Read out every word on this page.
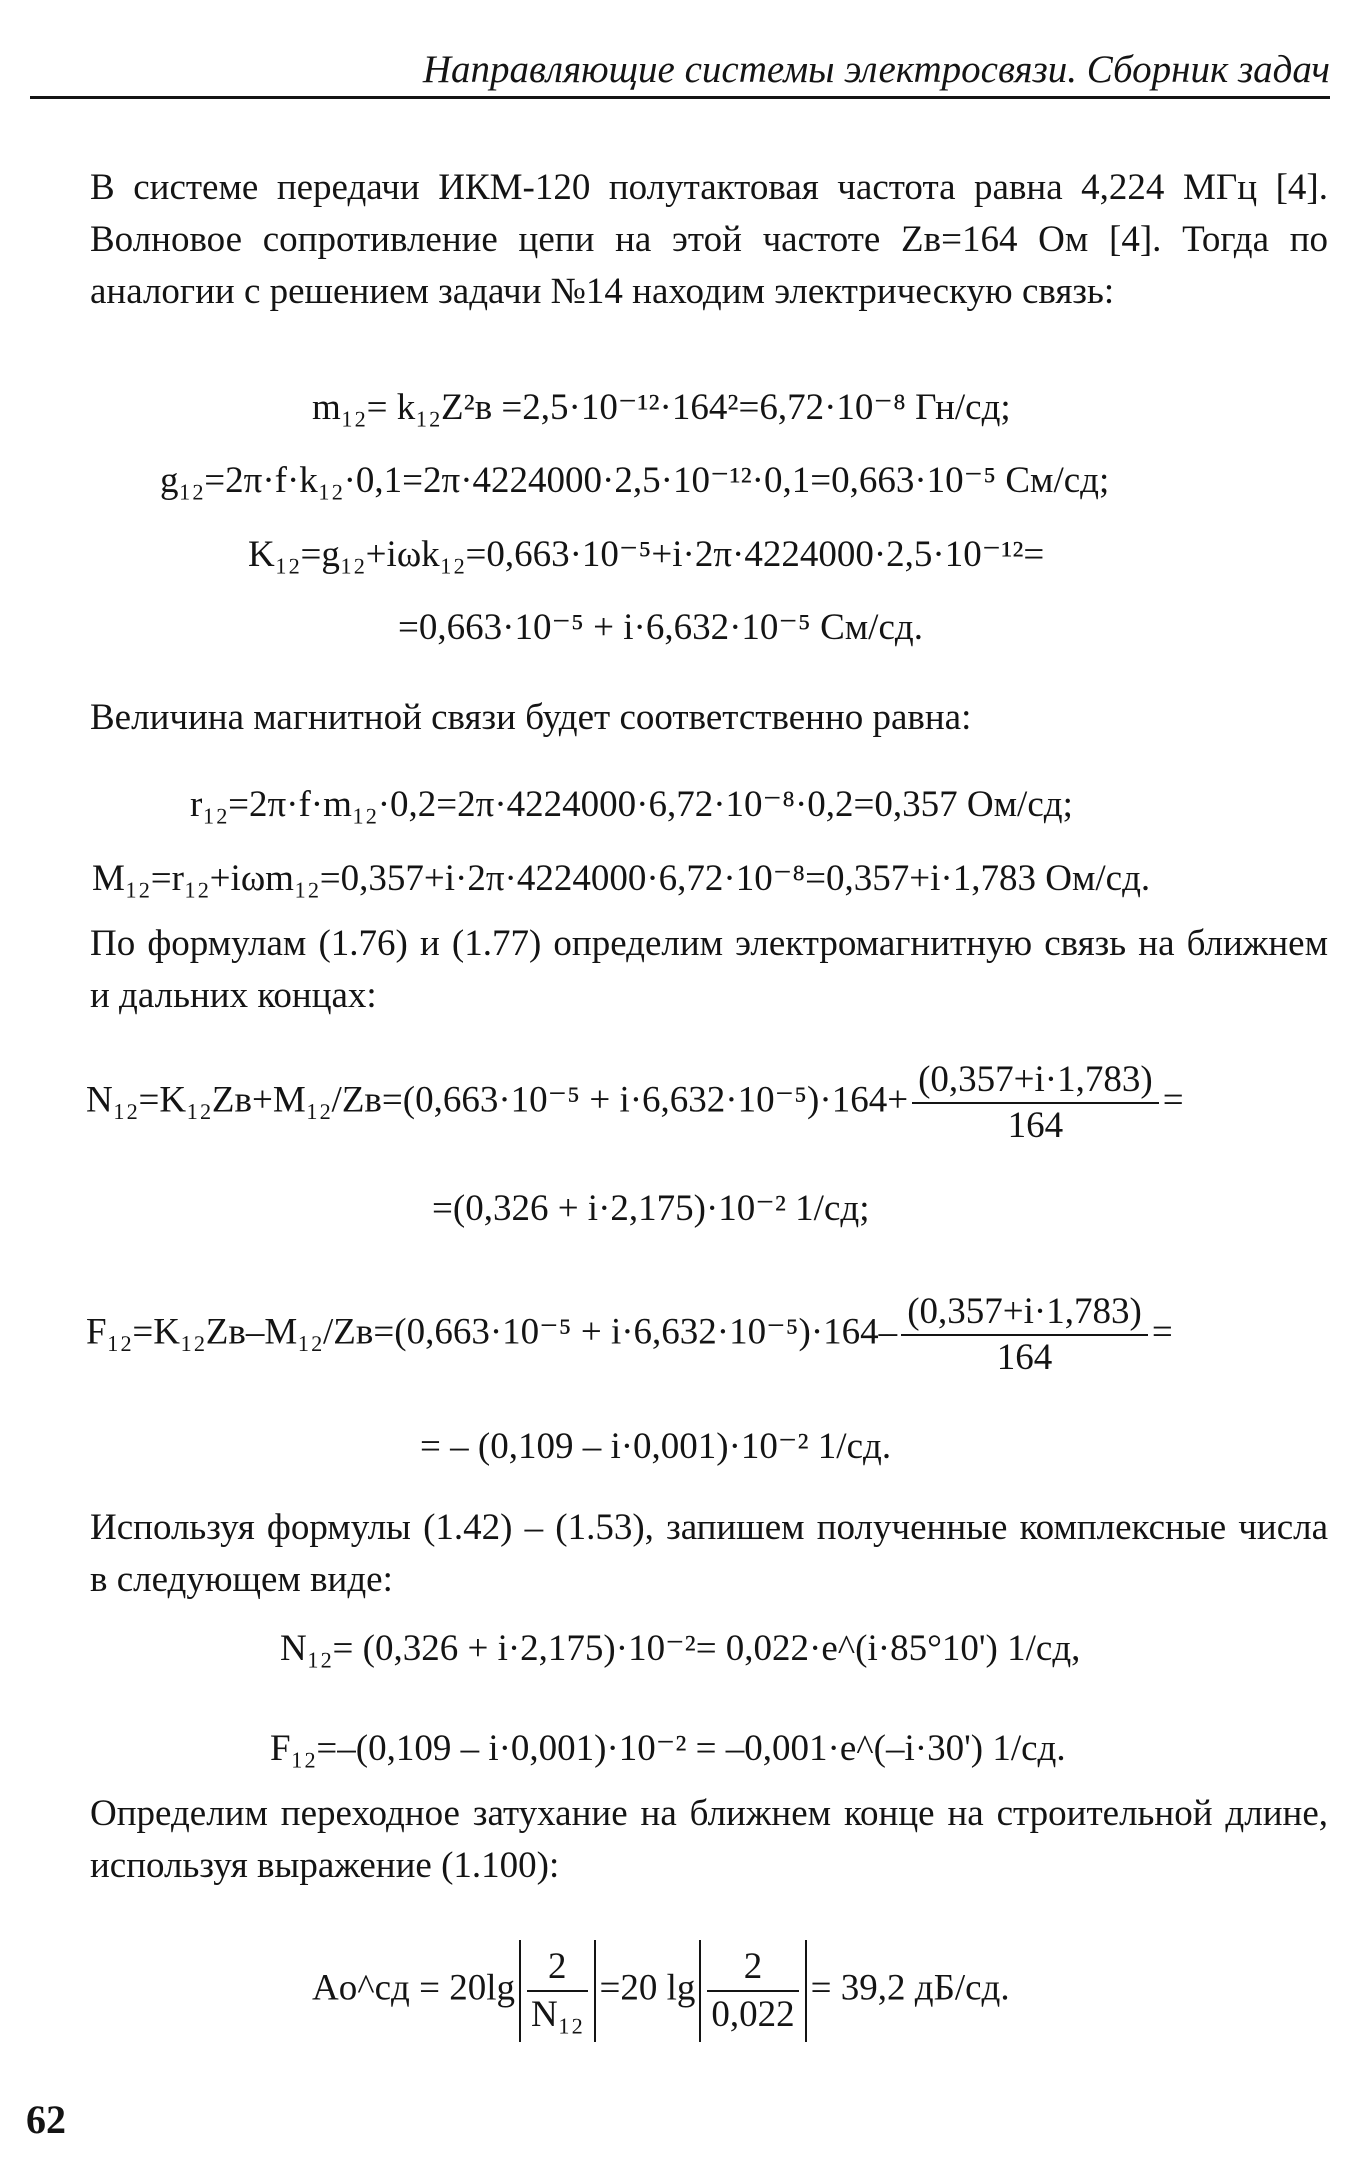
Направляющие системы электросвязи. Сборник задач

В системе передачи ИКМ-120 полутактовая частота равна 4,224 МГц [4]. Волновое сопротивление цепи на этой частоте Zв=164 Ом [4]. Тогда по аналогии с решением задачи №14 находим электрическую связь:

m₁₂= k₁₂Z²в =2,5·10⁻¹²·164²=6,72·10⁻⁸ Гн/сд;
g₁₂=2π·f·k₁₂·0,1=2π·4224000·2,5·10⁻¹²·0,1=0,663·10⁻⁵ См/сд;
K₁₂=g₁₂+iωk₁₂=0,663·10⁻⁵+i·2π·4224000·2,5·10⁻¹²=
=0,663·10⁻⁵ + i·6,632·10⁻⁵ См/сд.

Величина магнитной связи будет соответственно равна:

r₁₂=2π·f·m₁₂·0,2=2π·4224000·6,72·10⁻⁸·0,2=0,357 Ом/сд;
M₁₂=r₁₂+iωm₁₂=0,357+i·2π·4224000·6,72·10⁻⁸=0,357+i·1,783 Ом/сд.

По формулам (1.76) и (1.77) определим электромагнитную связь на ближнем и дальних концах:

$N_{12}=K_{12}Zв+M_{12}/Zв=(0,663\cdot 10^{-5} + i\cdot 6,632\cdot 10^{-5})\cdot 164+ \frac{(0,357+i\cdot 1,783)}{164}$ =
=(0,326 + i·2,175)·10⁻² 1/сд;
$F_{12}=K_{12}Zв-M_{12}/Zв=(0,663\cdot 10^{-5} + i\cdot 6,632\cdot 10^{-5})\cdot 164- \frac{(0,357+i\cdot 1,783)}{164}$ =
= – (0,109 – i·0,001)·10⁻² 1/сд.

Используя формулы (1.42) – (1.53), запишем полученные комплексные числа в следующем виде:

N₁₂= (0,326 + i·2,175)·10⁻²= 0,022·e^(i·85°10') 1/сд,
F₁₂=–(0,109 – i·0,001)·10⁻² = –0,001·e^(–i·30') 1/сд.

Определим переходное затухание на ближнем конце на строительной длине, используя выражение (1.100):

Aо^сд = $20\lg \frac{2}{\text{N₁₂}} =20$ $\lg \frac{2}{0,022} = 39,2$ дБ/сд.
62
